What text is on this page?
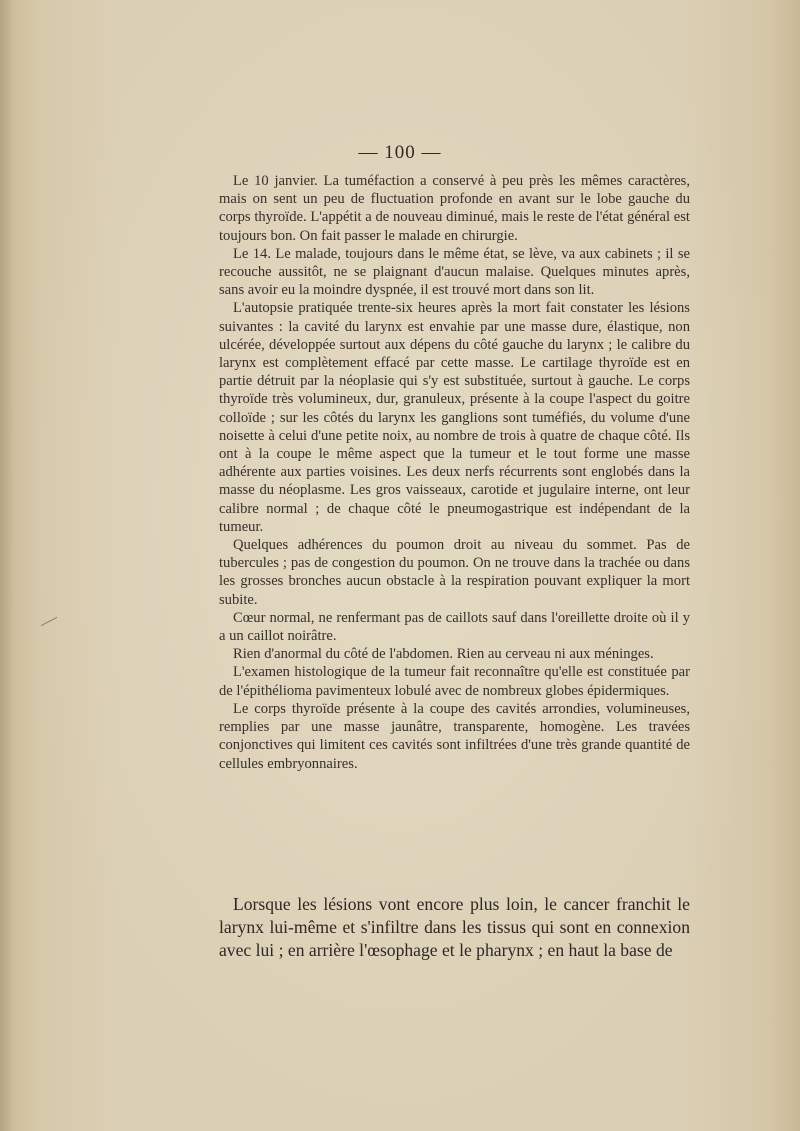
— 100 —

Le 10 janvier. La tuméfaction a conservé à peu près les mêmes caractères, mais on sent un peu de fluctuation profonde en avant sur le lobe gauche du corps thyroïde. L'appétit a de nouveau diminué, mais le reste de l'état général est toujours bon. On fait passer le malade en chirurgie.

Le 14. Le malade, toujours dans le même état, se lève, va aux cabinets ; il se recouche aussitôt, ne se plaignant d'aucun malaise. Quelques minutes après, sans avoir eu la moindre dyspnée, il est trouvé mort dans son lit.

L'autopsie pratiquée trente-six heures après la mort fait constater les lésions suivantes : la cavité du larynx est envahie par une masse dure, élastique, non ulcérée, développée surtout aux dépens du côté gauche du larynx ; le calibre du larynx est complètement effacé par cette masse. Le cartilage thyroïde est en partie détruit par la néoplasie qui s'y est substituée, surtout à gauche. Le corps thyroïde très volumineux, dur, granuleux, présente à la coupe l'aspect du goitre colloïde ; sur les côtés du larynx les ganglions sont tuméfiés, du volume d'une noisette à celui d'une petite noix, au nombre de trois à quatre de chaque côté. Ils ont à la coupe le même aspect que la tumeur et le tout forme une masse adhérente aux parties voisines. Les deux nerfs récurrents sont englobés dans la masse du néoplasme. Les gros vaisseaux, carotide et jugulaire interne, ont leur calibre normal ; de chaque côté le pneumogastrique est indépendant de la tumeur.

Quelques adhérences du poumon droit au niveau du sommet. Pas de tubercules ; pas de congestion du poumon. On ne trouve dans la trachée ou dans les grosses bronches aucun obstacle à la respiration pouvant expliquer la mort subite.

Cœur normal, ne renfermant pas de caillots sauf dans l'oreillette droite où il y a un caillot noirâtre.

Rien d'anormal du côté de l'abdomen. Rien au cerveau ni aux méninges.

L'examen histologique de la tumeur fait reconnaître qu'elle est constituée par de l'épithélioma pavimenteux lobulé avec de nombreux globes épidermiques.

Le corps thyroïde présente à la coupe des cavités arrondies, volumineuses, remplies par une masse jaunâtre, transparente, homogène. Les travées conjonctives qui limitent ces cavités sont infiltrées d'une très grande quantité de cellules embryonnaires.

Lorsque les lésions vont encore plus loin, le cancer franchit le larynx lui-même et s'infiltre dans les tissus qui sont en connexion avec lui ; en arrière l'œsophage et le pharynx ; en haut la base de
